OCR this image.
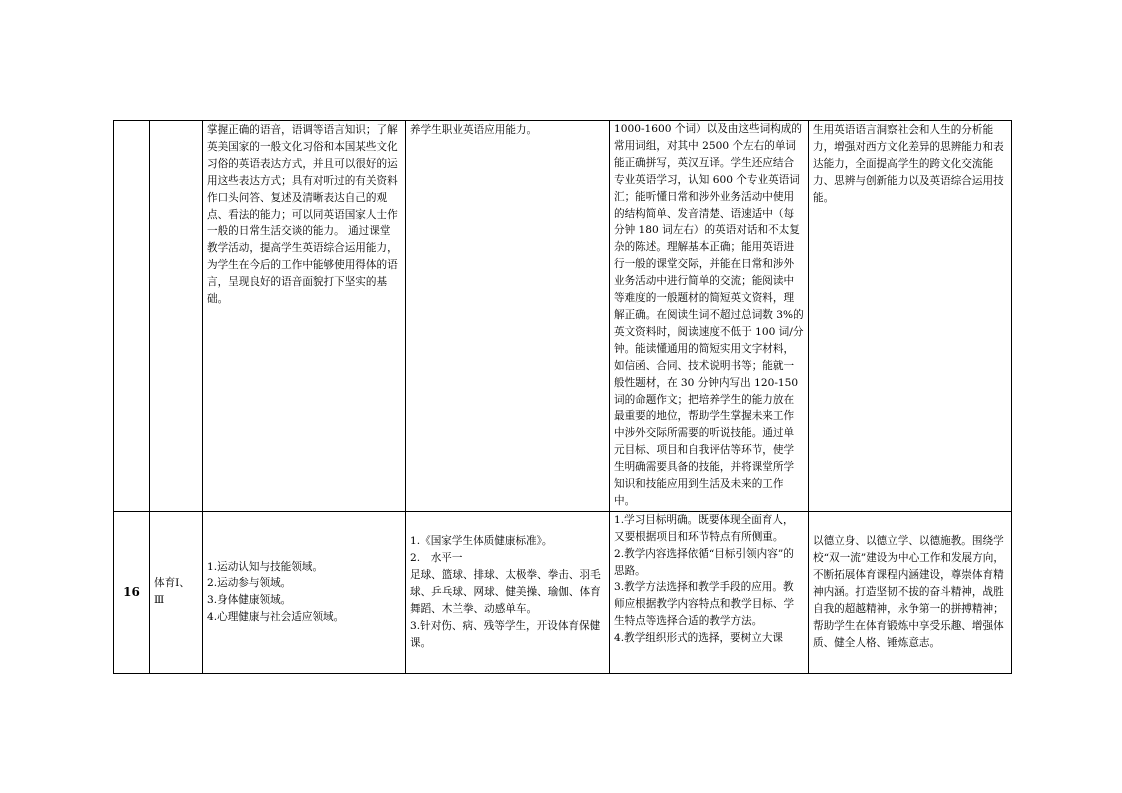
		掌握正确的语音，语调等语言知识；了解英美国家的一般文化习俗和本国某些文化习俗的英语表达方式，并且可以很好的运用这些表达方式；具有对听过的有关资料作口头问答、复述及清晰表达自己的观点、看法的能力；可以同英语国家人士作一般的日常生活交谈的能力。 通过课堂教学活动，提高学生英语综合运用能力，为学生在今后的工作中能够使用得体的语言，呈现良好的语音面貌打下坚实的基础。	养学生职业英语应用能力。	1000-1600 个词）以及由这些词构成的常用词组，对其中 2500 个左右的单词能正确拼写，英汉互译。学生还应结合专业英语学习，认知 600 个专业英语词汇；能听懂日常和涉外业务活动中使用的结构简单、发音清楚、语速适中（每分钟 180 词左右）的英语对话和不太复杂的陈述。理解基本正确；能用英语进行一般的课堂交际，并能在日常和涉外业务活动中进行简单的交流；能阅读中等难度的一般题材的简短英文资料，理解正确。在阅读生词不超过总词数 3%的英文资料时，阅读速度不低于 100 词/分钟。能读懂通用的简短实用文字材料，如信函、合同、技术说明书等；能就一般性题材，在 30 分钟内写出 120-150 词的命题作文；把培养学生的能力放在最重要的地位，帮助学生掌握未来工作中涉外交际所需要的听说技能。通过单元目标、项目和自我评估等环节，使学生明确需要具备的技能，并将课堂所学知识和技能应用到生活及未来的工作中。	生用英语语言洞察社会和人生的分析能力，增强对西方文化差异的思辨能力和表达能力，全面提高学生的跨文化交流能力、思辨与创新能力以及英语综合运用技能。
16	体育Ⅰ、Ⅲ	1.运动认知与技能领域。
2.运动参与领域。
3.身体健康领域。
4.心理健康与社会适应领域。	1.《国家学生体质健康标准》。
2.　水平一
足球、篮球、排球、太极拳、拳击、羽毛球、乒乓球、网球、健美操、瑜伽、体育舞蹈、木兰拳、动感单车。
3.针对伤、病、残等学生，开设体育保健课。	1.学习目标明确。既要体现全面育人，又要根据项目和环节特点有所侧重。
2.教学内容选择依循“目标引领内容”的思路。
3.教学方法选择和教学手段的应用。教师应根据教学内容特点和教学目标、学生特点等选择合适的教学方法。
4.教学组织形式的选择，要树立大课	以德立身、以德立学、以德施教。围绕学校“双一流”建设为中心工作和发展方向，不断拓展体育课程内涵建设，尊崇体育精神内涵。打造坚韧不拔的奋斗精神，战胜自我的超越精神，永争第一的拼搏精神；帮助学生在体育锻炼中享受乐趣、增强体质、健全人格、锤炼意志。
